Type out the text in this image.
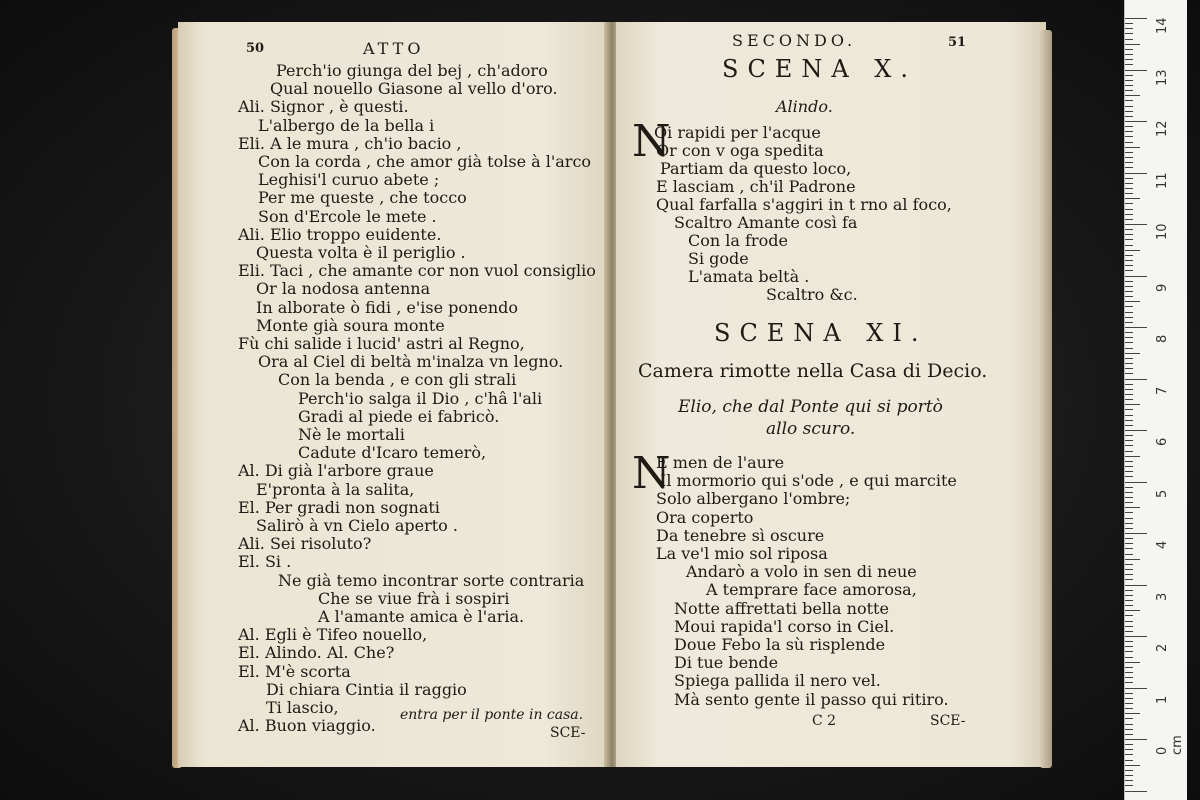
50	ATTO
Perch'io giunga del bej , ch'adoro
Qual nouello Giasone al vello d'oro.
Ali. Signor , è questi.
L'albergo de la bella i
Eli. A le mura , ch'io bacio ,
Con la corda , che amor già tolse à l'arco
Leghisi'l curuo abete ;
Per me queste , che tocco
Son d'Ercole le mete .
Ali. Elio troppo euidente.
Questa volta è il periglio .
Eli. Taci , che amante cor non vuol consiglio
Or la nodosa antenna
In alborate ò fidi , e'ise ponendo
Monte già soura monte
Fù chi salide i lucid' astri al Regno,
Ora al Ciel di beltà m'inalza vn legno.
Con la benda , e con gli strali
Perch'io salga il Dio , c'hâ l'ali
Gradi al piede ei fabricò.
Nè le mortali
Cadute d'Icaro temerò,
Al. Di già l'arbore graue
E'pronta à la salita,
El. Per gradi non sognati
Salirò à vn Cielo aperto .
Ali. Sei risoluto?
El. Si .
Ne già temo incontrar sorte contraria
Che se viue frà i sospiri
A l'amante amica è l'aria.
Al. Egli è Tifeo nouello,
El. Alindo. Al. Che?
El. M'è scorta
Di chiara Cintia il raggio
Ti lascio,
Al. Buon viaggio.
entra per il ponte in casa.
SCE-
SECONDO.	51
SCENA X.
Alindo.
N
Oi rapidi per l'acque
Or con v oga spedita
Partiam da questo loco,
E lasciam , ch'il Padrone
Qual farfalla s'aggiri in t rno al foco,
Scaltro Amante così fa
Con la frode
Si gode
L'amata beltà .
Scaltro &c.
SCENA XI.
Camera rimotte nella Casa di Decio.
Elio, che dal Ponte qui si portò
allo scuro.
N
E men de l'aure
Il mormorio qui s'ode , e qui marcite
Solo albergano l'ombre;
Ora coperto
Da tenebre sì oscure
La ve'l mio sol riposa
Andarò a volo in sen di neue
A temprare face amorosa,
Notte affrettati bella notte
Moui rapida'l corso in Ciel.
Doue Febo la sù risplende
Di tue bende
Spiega pallida il nero vel.
Mà sento gente il passo qui ritiro.
C 2	SCE-
14
13
12
11
10
9
8
7
6
5
4
3
2
1
0 cm
